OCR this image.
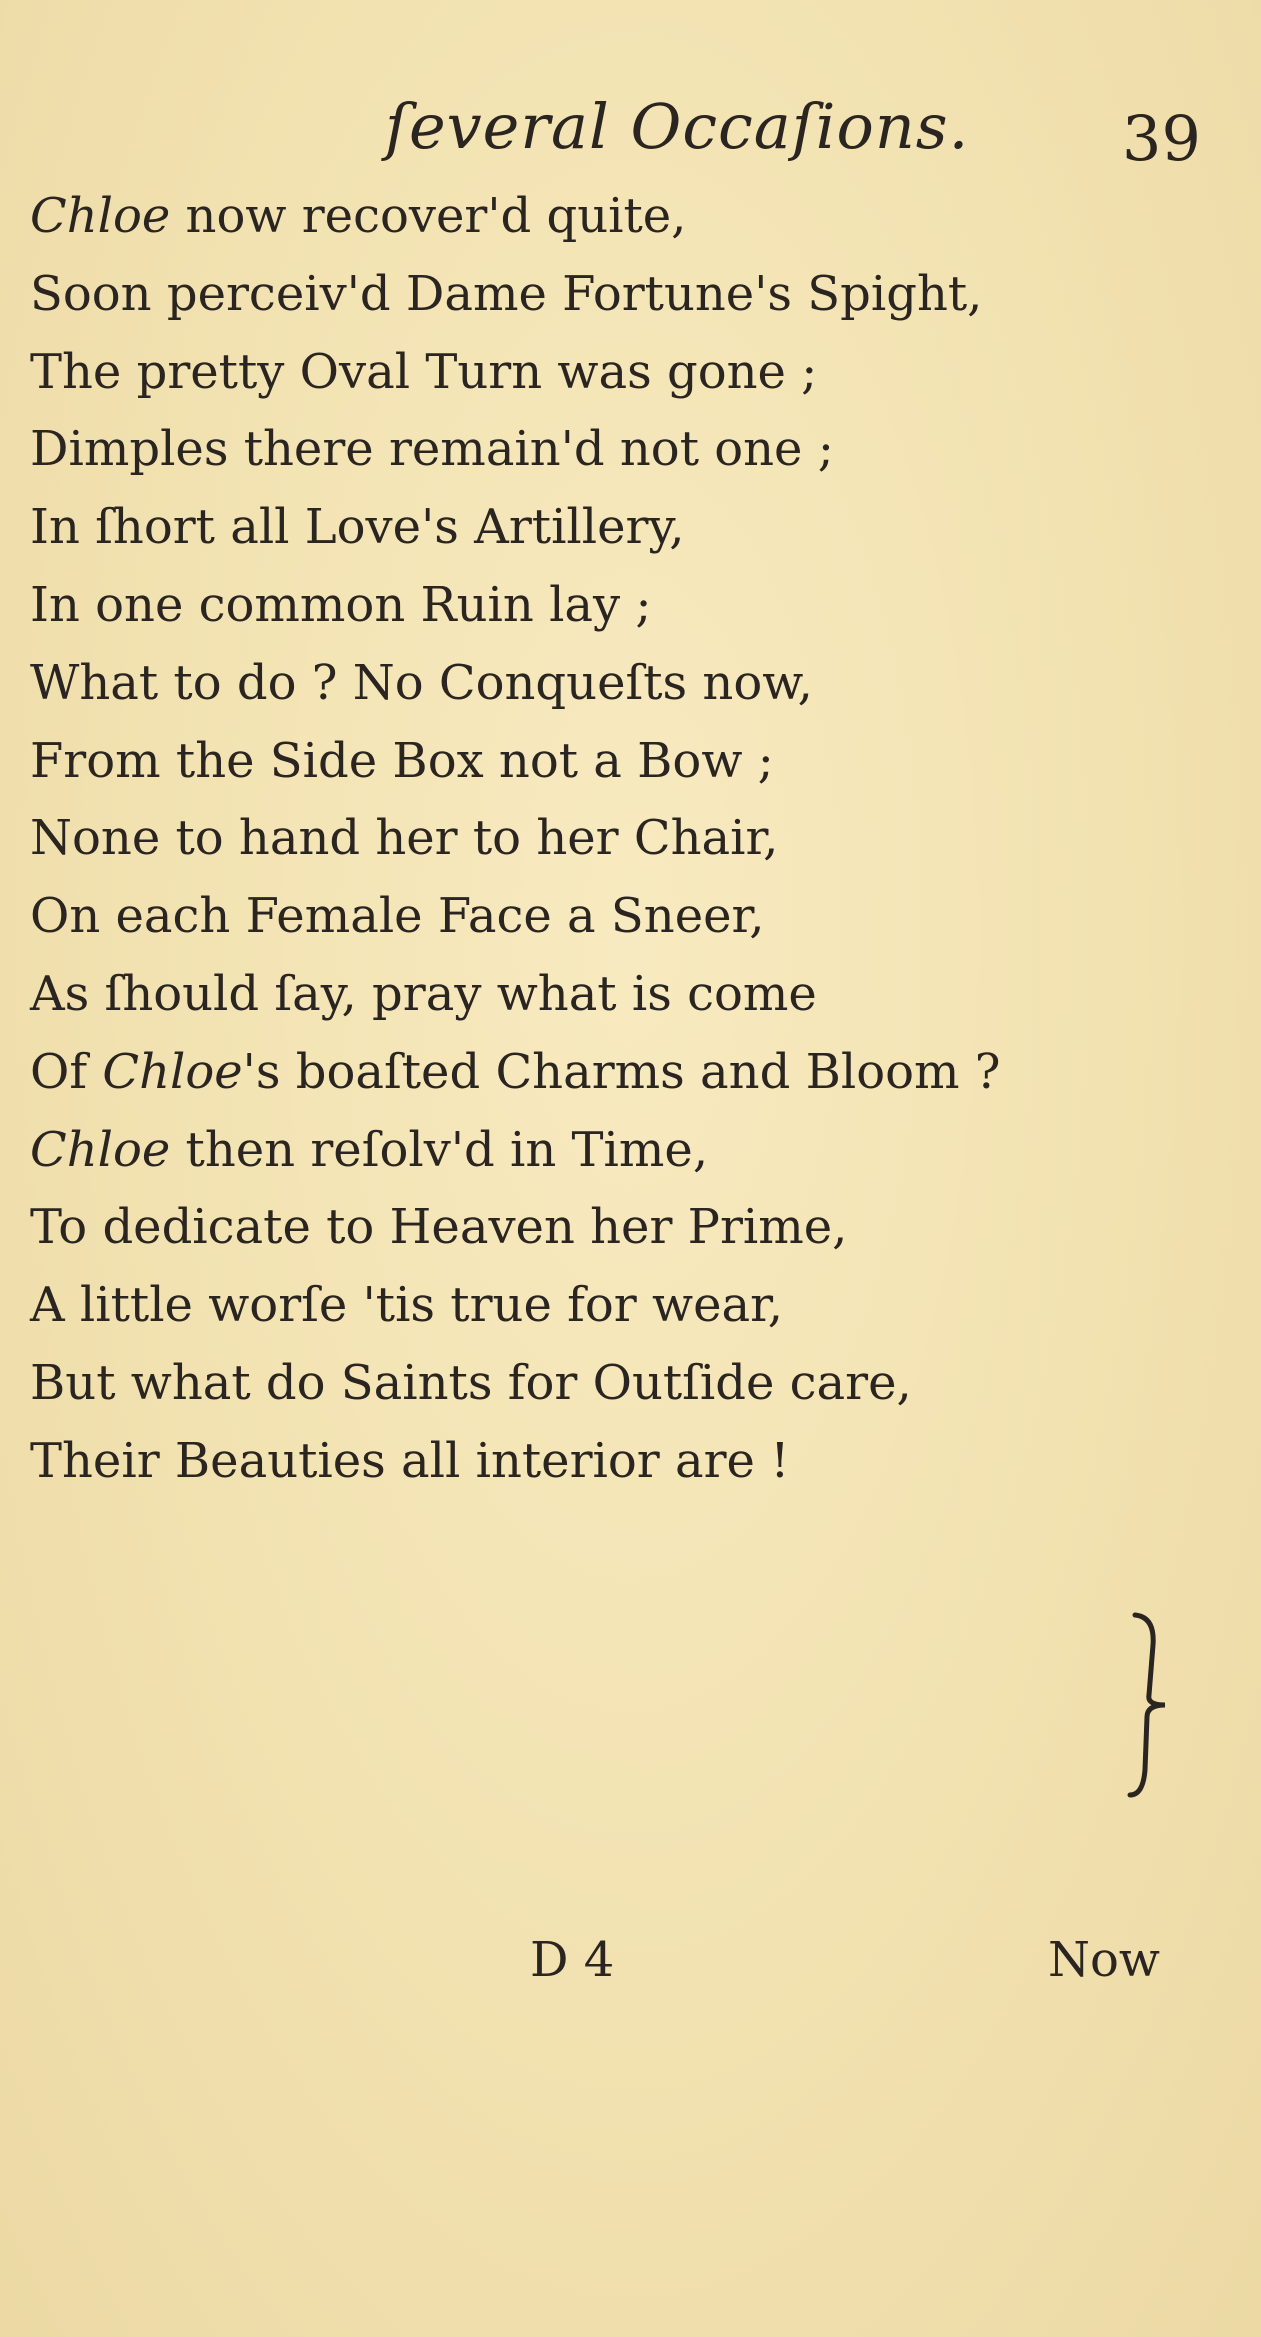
ſeveral Occaſions. 39
Chloe now recover'd quite,
Soon perceiv'd Dame Fortune's Spight,
The pretty Oval Turn was gone ;
Dimples there remain'd not one ;
In ſhort all Love's Artillery,
In one common Ruin lay ;
What to do ? No Conqueſts now,
From the Side Box not a Bow ;
None to hand her to her Chair,
On each Female Face a Sneer,
As ſhould ſay, pray what is come
Of Chloe's boaſted Charms and Bloom ?
Chloe then reſolv'd in Time,
To dedicate to Heaven her Prime,
A little worſe 'tis true for wear,
But what do Saints for Outſide care,
Their Beauties all interior are !
D 4	Now
